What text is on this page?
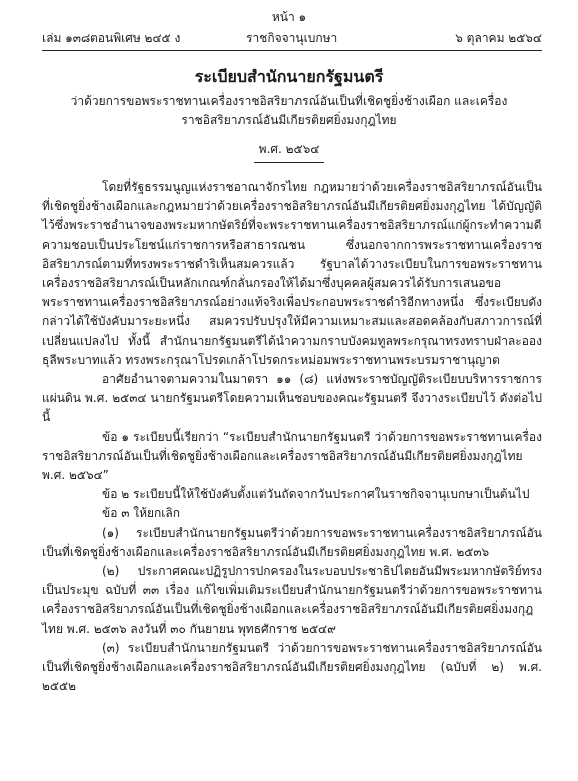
หน้า ๑
เล่ม ๑๓๘ ตอนพิเศษ ๒๔๕ ง	ราชกิจจานุเบกษา	๖ ตุลาคม ๒๕๖๔
ระเบียบสำนักนายกรัฐมนตรี
ว่าด้วยการขอพระราชทานเครื่องราชอิสริยาภรณ์อันเป็นที่เชิดชูยิ่งช้างเผือก และเครื่องราชอิสริยาภรณ์อันมีเกียรติยศยิ่งมงกุฎไทย
พ.ศ. ๒๕๖๔

โดยที่รัฐธรรมนูญแห่งราชอาณาจักรไทย กฎหมายว่าด้วยเครื่องราชอิสริยาภรณ์อันเป็นที่เชิดชูยิ่งช้างเผือกและกฎหมายว่าด้วยเครื่องราชอิสริยาภรณ์อันมีเกียรติยศยิ่งมงกุฎไทย ได้บัญญัติไว้ซึ่งพระราชอำนาจของพระมหากษัตริย์ที่จะพระราชทานเครื่องราชอิสริยาภรณ์แก่ผู้กระทำความดีความชอบเป็นประโยชน์แก่ราชการหรือสาธารณชน ซึ่งนอกจากการพระราชทานเครื่องราชอิสริยาภรณ์ตามที่ทรงพระราชดำริเห็นสมควรแล้ว รัฐบาลได้วางระเบียบในการขอพระราชทานเครื่องราชอิสริยาภรณ์เป็นหลักเกณฑ์กลั่นกรองให้ได้มาซึ่งบุคคลผู้สมควรได้รับการเสนอขอพระราชทานเครื่องราชอิสริยาภรณ์อย่างแท้จริงเพื่อประกอบพระราชดำริอีกทางหนึ่ง ซึ่งระเบียบดังกล่าวได้ใช้บังคับมาระยะหนึ่ง สมควรปรับปรุงให้มีความเหมาะสมและสอดคล้องกับสภาวการณ์ที่เปลี่ยนแปลงไป ทั้งนี้ สำนักนายกรัฐมนตรีได้นำความกราบบังคมทูลพระกรุณาทรงทราบฝ่าละอองธุลีพระบาทแล้ว ทรงพระกรุณาโปรดเกล้าโปรดกระหม่อมพระราชทานพระบรมราชานุญาต

อาศัยอำนาจตามความในมาตรา ๑๑ (๘) แห่งพระราชบัญญัติระเบียบบริหารราชการแผ่นดิน พ.ศ. ๒๕๓๔ นายกรัฐมนตรีโดยความเห็นชอบของคณะรัฐมนตรี จึงวางระเบียบไว้ ดังต่อไปนี้

ข้อ ๑ ระเบียบนี้เรียกว่า “ระเบียบสำนักนายกรัฐมนตรี ว่าด้วยการขอพระราชทานเครื่องราชอิสริยาภรณ์อันเป็นที่เชิดชูยิ่งช้างเผือกและเครื่องราชอิสริยาภรณ์อันมีเกียรติยศยิ่งมงกุฎไทย พ.ศ. ๒๕๖๔”

ข้อ ๒ ระเบียบนี้ให้ใช้บังคับตั้งแต่วันถัดจากวันประกาศในราชกิจจานุเบกษาเป็นต้นไป

ข้อ ๓ ให้ยกเลิก

(๑) ระเบียบสำนักนายกรัฐมนตรีว่าด้วยการขอพระราชทานเครื่องราชอิสริยาภรณ์อันเป็นที่เชิดชูยิ่งช้างเผือกและเครื่องราชอิสริยาภรณ์อันมีเกียรติยศยิ่งมงกุฎไทย พ.ศ. ๒๕๓๖

(๒) ประกาศคณะปฏิรูปการปกครองในระบอบประชาธิปไตยอันมีพระมหากษัตริย์ทรงเป็นประมุข ฉบับที่ ๓๓ เรื่อง แก้ไขเพิ่มเติมระเบียบสำนักนายกรัฐมนตรีว่าด้วยการขอพระราชทานเครื่องราชอิสริยาภรณ์อันเป็นที่เชิดชูยิ่งช้างเผือกและเครื่องราชอิสริยาภรณ์อันมีเกียรติยศยิ่งมงกุฎไทย พ.ศ. ๒๕๓๖ ลงวันที่ ๓๐ กันยายน พุทธศักราช ๒๕๔๙

(๓) ระเบียบสำนักนายกรัฐมนตรี ว่าด้วยการขอพระราชทานเครื่องราชอิสริยาภรณ์อันเป็นที่เชิดชูยิ่งช้างเผือกและเครื่องราชอิสริยาภรณ์อันมีเกียรติยศยิ่งมงกุฎไทย (ฉบับที่ ๒) พ.ศ. ๒๕๕๒
